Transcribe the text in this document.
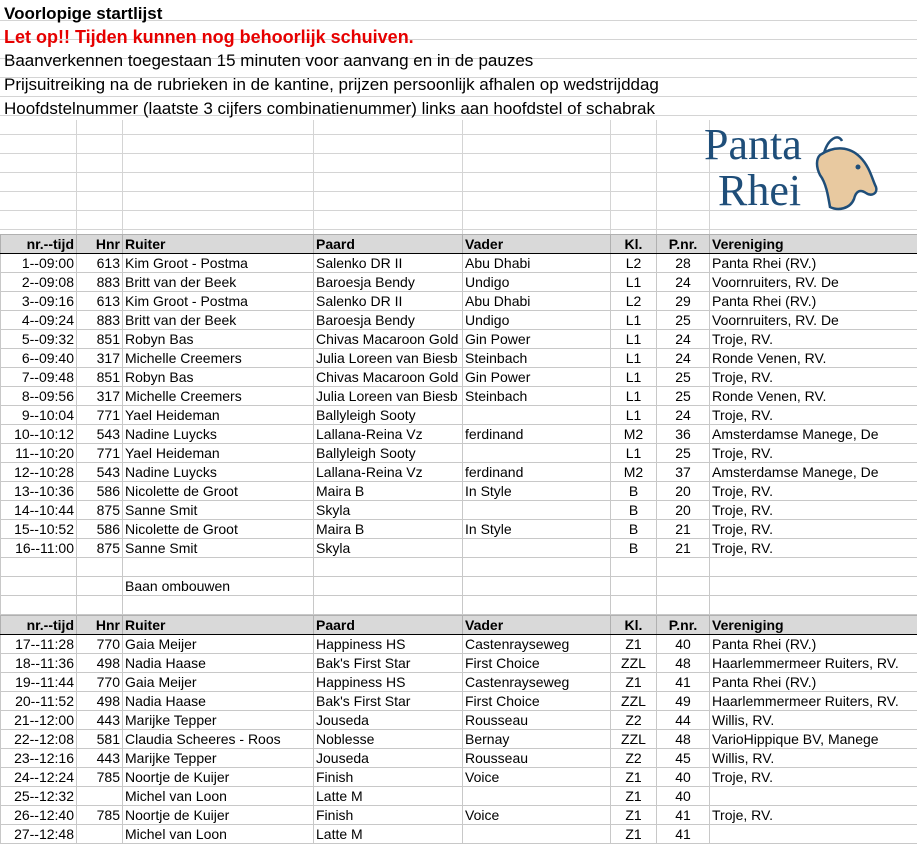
Voorlopige startlijst
Let op!! Tijden kunnen nog behoorlijk schuiven.
Baanverkennen toegestaan 15 minuten voor aanvang en in de pauzes
Prijsuitreiking na de rubrieken in de kantine, prijzen persoonlijk afhalen op wedstrijddag
Hoofdstelnummer (laatste 3 cijfers combinatienummer) links aan hoofdstel of schabrak
Panta
Rhei
nr.--tijd	Hnr	Ruiter	Paard	Vader	Kl.	P.nr.	Vereniging
1--09:00	613	Kim Groot - Postma	Salenko DR II	Abu Dhabi	L2	28	Panta Rhei (RV.)
2--09:08	883	Britt van der Beek	Baroesja Bendy	Undigo	L1	24	Voornruiters, RV. De
3--09:16	613	Kim Groot - Postma	Salenko DR II	Abu Dhabi	L2	29	Panta Rhei (RV.)
4--09:24	883	Britt van der Beek	Baroesja Bendy	Undigo	L1	25	Voornruiters, RV. De
5--09:32	851	Robyn Bas	Chivas Macaroon Gold	Gin Power	L1	24	Troje, RV.
6--09:40	317	Michelle Creemers	Julia Loreen van Biesb	Steinbach	L1	24	Ronde Venen, RV.
7--09:48	851	Robyn Bas	Chivas Macaroon Gold	Gin Power	L1	25	Troje, RV.
8--09:56	317	Michelle Creemers	Julia Loreen van Biesb	Steinbach	L1	25	Ronde Venen, RV.
9--10:04	771	Yael Heideman	Ballyleigh Sooty		L1	24	Troje, RV.
10--10:12	543	Nadine Luycks	Lallana-Reina Vz	ferdinand	M2	36	Amsterdamse Manege, De
11--10:20	771	Yael Heideman	Ballyleigh Sooty		L1	25	Troje, RV.
12--10:28	543	Nadine Luycks	Lallana-Reina Vz	ferdinand	M2	37	Amsterdamse Manege, De
13--10:36	586	Nicolette de Groot	Maira B	In Style	B	20	Troje, RV.
14--10:44	875	Sanne Smit	Skyla		B	20	Troje, RV.
15--10:52	586	Nicolette de Groot	Maira B	In Style	B	21	Troje, RV.
16--11:00	875	Sanne Smit	Skyla		B	21	Troje, RV.

		Baan ombouwen					

nr.--tijd	Hnr	Ruiter	Paard	Vader	Kl.	P.nr.	Vereniging
17--11:28	770	Gaia Meijer	Happiness HS	Castenrayseweg	Z1	40	Panta Rhei (RV.)
18--11:36	498	Nadia Haase	Bak's First Star	First Choice	ZZL	48	Haarlemmermeer Ruiters, RV.
19--11:44	770	Gaia Meijer	Happiness HS	Castenrayseweg	Z1	41	Panta Rhei (RV.)
20--11:52	498	Nadia Haase	Bak's First Star	First Choice	ZZL	49	Haarlemmermeer Ruiters, RV.
21--12:00	443	Marijke Tepper	Jouseda	Rousseau	Z2	44	Willis, RV.
22--12:08	581	Claudia Scheeres - Roos	Noblesse	Bernay	ZZL	48	VarioHippique BV, Manege
23--12:16	443	Marijke Tepper	Jouseda	Rousseau	Z2	45	Willis, RV.
24--12:24	785	Noortje de Kuijer	Finish	Voice	Z1	40	Troje, RV.
25--12:32		Michel van Loon	Latte M		Z1	40	
26--12:40	785	Noortje de Kuijer	Finish	Voice	Z1	41	Troje, RV.
27--12:48		Michel van Loon	Latte M		Z1	41	
